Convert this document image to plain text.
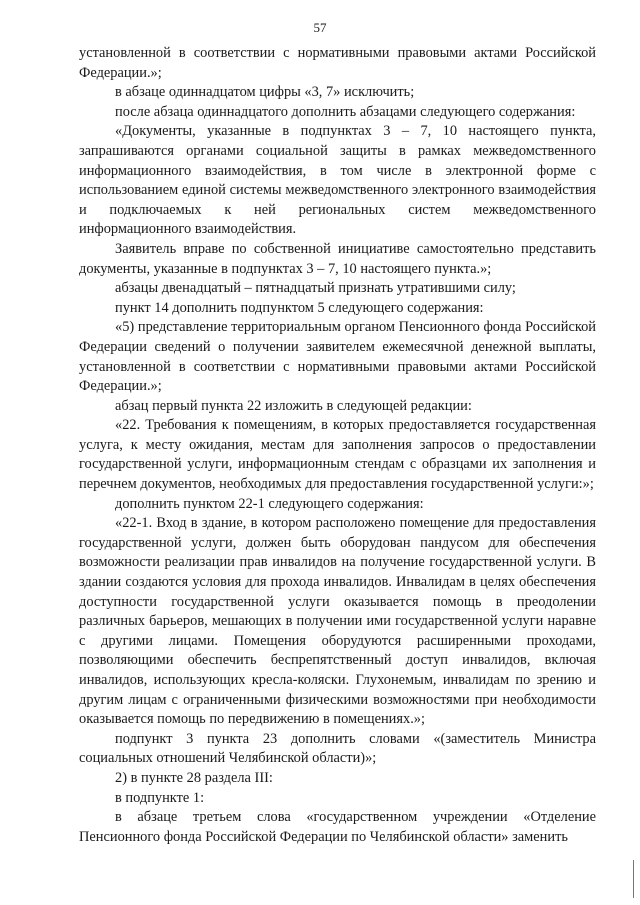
57

установленной в соответствии с нормативными правовыми актами Российской Федерации.»;

в абзаце одиннадцатом цифры «3, 7» исключить;

после абзаца одиннадцатого дополнить абзацами следующего содержания:

«Документы, указанные в подпунктах 3 – 7, 10 настоящего пункта, запрашиваются органами социальной защиты в рамках межведомственного информационного взаимодействия, в том числе в электронной форме с использованием единой системы межведомственного электронного взаимодействия и подключаемых к ней региональных систем межведомственного информационного взаимодействия.

Заявитель вправе по собственной инициативе самостоятельно представить документы, указанные в подпунктах 3 – 7, 10 настоящего пункта.»;

абзацы двенадцатый – пятнадцатый признать утратившими силу;

пункт 14 дополнить подпунктом 5 следующего содержания:

«5) представление территориальным органом Пенсионного фонда Российской Федерации сведений о получении заявителем ежемесячной денежной выплаты, установленной в соответствии с нормативными правовыми актами Российской Федерации.»;

абзац первый пункта 22 изложить в следующей редакции:

«22. Требования к помещениям, в которых предоставляется государственная услуга, к месту ожидания, местам для заполнения запросов о предоставлении государственной услуги, информационным стендам с образцами их заполнения и перечнем документов, необходимых для предоставления государственной услуги:»;

дополнить пунктом 22-1 следующего содержания:

«22-1. Вход в здание, в котором расположено помещение для предоставления государственной услуги, должен быть оборудован пандусом для обеспечения возможности реализации прав инвалидов на получение государственной услуги. В здании создаются условия для прохода инвалидов. Инвалидам в целях обеспечения доступности государственной услуги оказывается помощь в преодолении различных барьеров, мешающих в получении ими государственной услуги наравне с другими лицами. Помещения оборудуются расширенными проходами, позволяющими обеспечить беспрепятственный доступ инвалидов, включая инвалидов, использующих кресла-коляски. Глухонемым, инвалидам по зрению и другим лицам с ограниченными физическими возможностями при необходимости оказывается помощь по передвижению в помещениях.»;

подпункт 3 пункта 23 дополнить словами «(заместитель Министра социальных отношений Челябинской области)»;

2) в пункте 28 раздела III:

в подпункте 1:

в абзаце третьем слова «государственном учреждении «Отделение Пенсионного фонда Российской Федерации по Челябинской области» заменить
